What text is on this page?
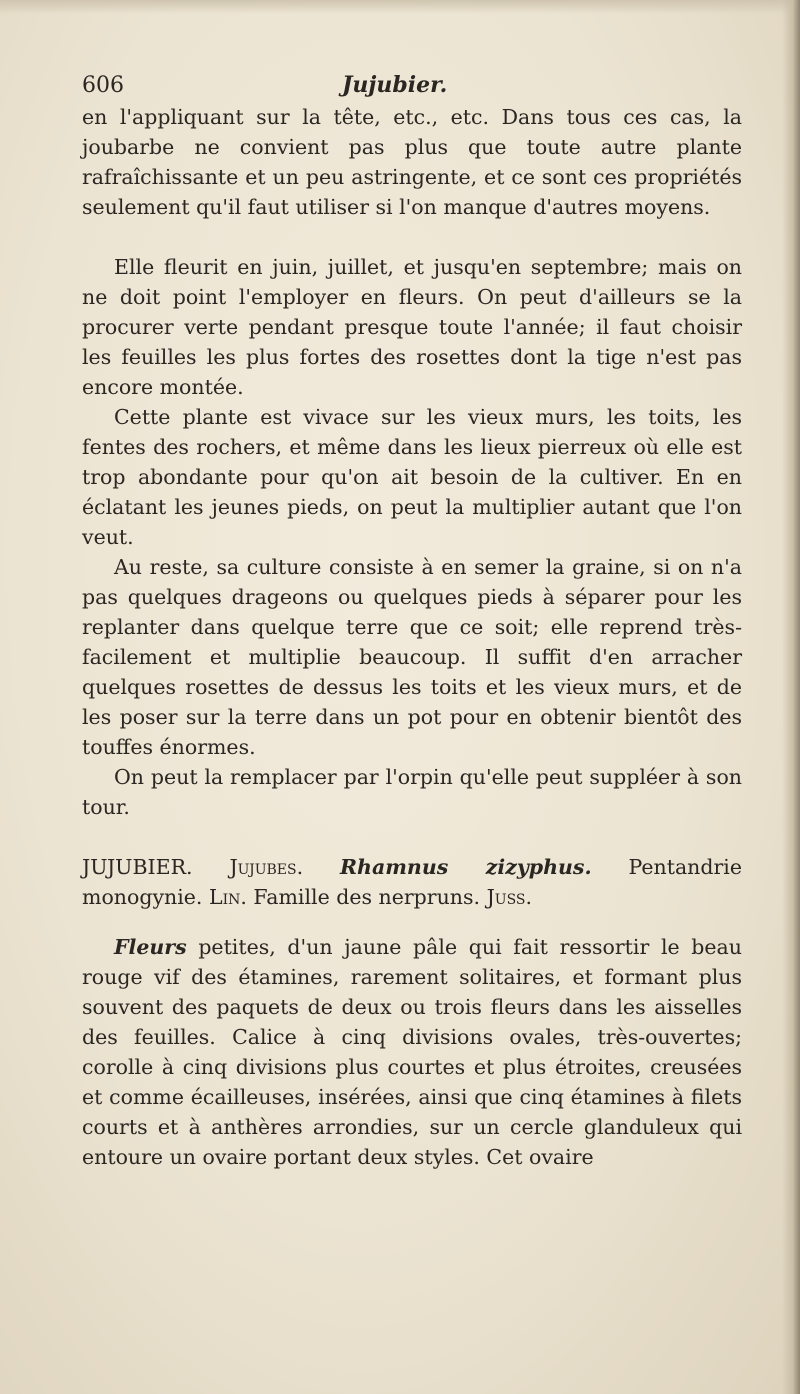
606	Jujubier.

en l'appliquant sur la tête, etc., etc. Dans tous ces cas, la joubarbe ne convient pas plus que toute autre plante rafraîchissante et un peu astringente, et ce sont ces propriétés seulement qu'il faut utiliser si l'on manque d'autres moyens.

Elle fleurit en juin, juillet, et jusqu'en septembre; mais on ne doit point l'employer en fleurs. On peut d'ailleurs se la procurer verte pendant presque toute l'année; il faut choisir les feuilles les plus fortes des rosettes dont la tige n'est pas encore montée.

Cette plante est vivace sur les vieux murs, les toits, les fentes des rochers, et même dans les lieux pierreux où elle est trop abondante pour qu'on ait besoin de la cultiver. En en éclatant les jeunes pieds, on peut la multiplier autant que l'on veut.

Au reste, sa culture consiste à en semer la graine, si on n'a pas quelques drageons ou quelques pieds à séparer pour les replanter dans quelque terre que ce soit; elle reprend très-facilement et multiplie beaucoup. Il suffit d'en arracher quelques rosettes de dessus les toits et les vieux murs, et de les poser sur la terre dans un pot pour en obtenir bientôt des touffes énormes.

On peut la remplacer par l'orpin qu'elle peut suppléer à son tour.

JUJUBIER. Jujubes. Rhamnus zizyphus. Pentandrie monogynie. Lin. Famille des nerpruns. Juss.

Fleurs petites, d'un jaune pâle qui fait ressortir le beau rouge vif des étamines, rarement solitaires, et formant plus souvent des paquets de deux ou trois fleurs dans les aisselles des feuilles. Calice à cinq divisions ovales, très-ouvertes; corolle à cinq divisions plus courtes et plus étroites, creusées et comme écailleuses, insérées, ainsi que cinq étamines à filets courts et à anthères arrondies, sur un cercle glanduleux qui entoure un ovaire portant deux styles. Cet ovaire
